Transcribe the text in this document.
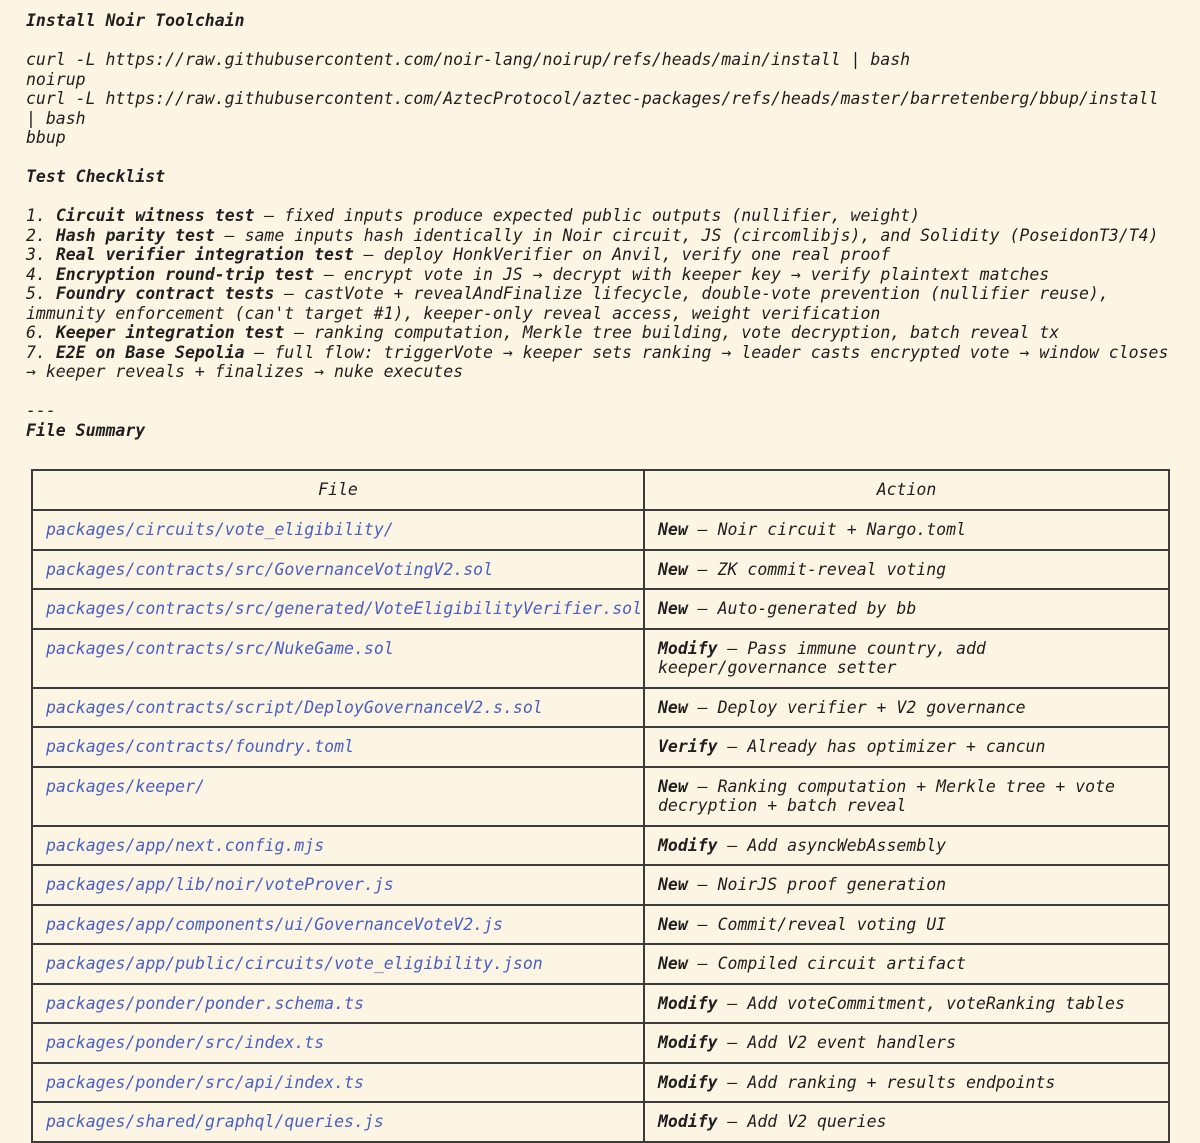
Install Noir Toolchain
curl -L https://raw.githubusercontent.com/noir-lang/noirup/refs/heads/main/install | bash
noirup
curl -L https://raw.githubusercontent.com/AztecProtocol/aztec-packages/refs/heads/master/barretenberg/bbup/install | bash
bbup
Test Checklist
1. Circuit witness test — fixed inputs produce expected public outputs (nullifier, weight)
2. Hash parity test — same inputs hash identically in Noir circuit, JS (circomlibjs), and Solidity (PoseidonT3/T4)
3. Real verifier integration test — deploy HonkVerifier on Anvil, verify one real proof
4. Encryption round-trip test — encrypt vote in JS → decrypt with keeper key → verify plaintext matches
5. Foundry contract tests — castVote + revealAndFinalize lifecycle, double-vote prevention (nullifier reuse), immunity enforcement (can't target #1), keeper-only reveal access, weight verification
6. Keeper integration test — ranking computation, Merkle tree building, vote decryption, batch reveal tx
7. E2E on Base Sepolia — full flow: triggerVote → keeper sets ranking → leader casts encrypted vote → window closes → keeper reveals + finalizes → nuke executes
---
File Summary
File	Action
packages/circuits/vote_eligibility/	New — Noir circuit + Nargo.toml
packages/contracts/src/GovernanceVotingV2.sol	New — ZK commit-reveal voting
packages/contracts/src/generated/VoteEligibilityVerifier.sol	New — Auto-generated by bb
packages/contracts/src/NukeGame.sol	Modify — Pass immune country, add keeper/governance setter
packages/contracts/script/DeployGovernanceV2.s.sol	New — Deploy verifier + V2 governance
packages/contracts/foundry.toml	Verify — Already has optimizer + cancun
packages/keeper/	New — Ranking computation + Merkle tree + vote decryption + batch reveal
packages/app/next.config.mjs	Modify — Add asyncWebAssembly
packages/app/lib/noir/voteProver.js	New — NoirJS proof generation
packages/app/components/ui/GovernanceVoteV2.js	New — Commit/reveal voting UI
packages/app/public/circuits/vote_eligibility.json	New — Compiled circuit artifact
packages/ponder/ponder.schema.ts	Modify — Add voteCommitment, voteRanking tables
packages/ponder/src/index.ts	Modify — Add V2 event handlers
packages/ponder/src/api/index.ts	Modify — Add ranking + results endpoints
packages/shared/graphql/queries.js	Modify — Add V2 queries
